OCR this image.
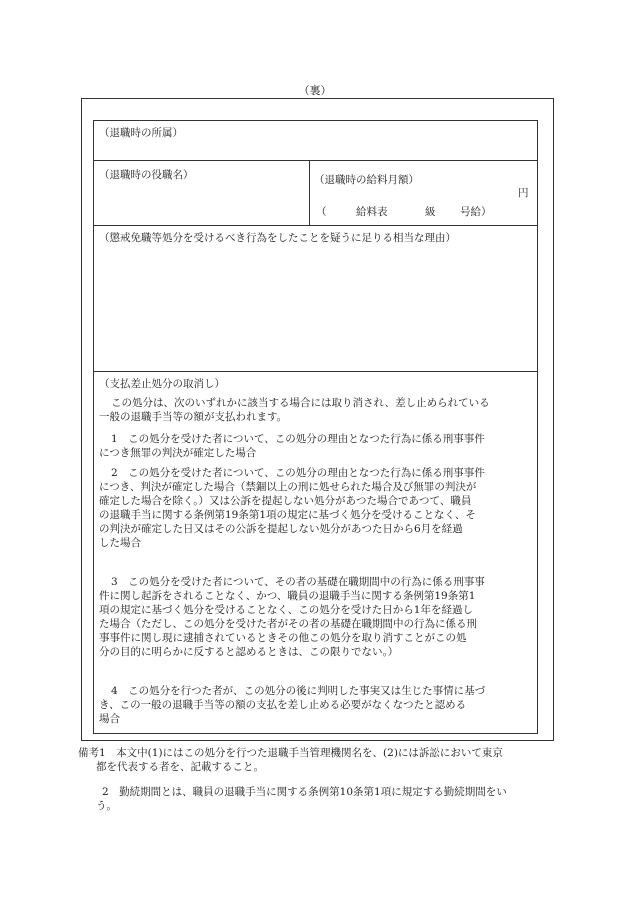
（裏）
（退職時の所属）
（退職時の役職名）	（退職時の給料月額）
円
（	給料表	級 号給）
（懲戒免職等処分を受けるべき行為をしたことを疑うに足りる相当な理由）
（支払差止処分の取消し）
この処分は、次のいずれかに該当する場合には取り消され、差し止められている
一般の退職手当等の額が支払われます。
1　この処分を受けた者について、この処分の理由となつた行為に係る刑事事件
につき無罪の判決が確定した場合
2　この処分を受けた者について、この処分の理由となつた行為に係る刑事事件
につき、判決が確定した場合（禁錮以上の刑に処せられた場合及び無罪の判決が
確定した場合を除く。）又は公訴を提起しない処分があつた場合であつて、職員
の退職手当に関する条例第19条第1項の規定に基づく処分を受けることなく、そ
の判決が確定した日又はその公訴を提起しない処分があつた日から6月を経過
した場合
3　この処分を受けた者について、その者の基礎在職期間中の行為に係る刑事事
件に関し起訴をされることなく、かつ、職員の退職手当に関する条例第19条第1
項の規定に基づく処分を受けることなく、この処分を受けた日から1年を経過し
た場合（ただし、この処分を受けた者がその者の基礎在職期間中の行為に係る刑
事事件に関し現に逮捕されているときその他この処分を取り消すことがこの処
分の目的に明らかに反すると認めるときは、この限りでない。）
4　この処分を行つた者が、この処分の後に判明した事実又は生じた事情に基づ
き、この一般の退職手当等の額の支払を差し止める必要がなくなつたと認める
場合
備考1　本文中(1)にはこの処分を行つた退職手当管理機関名を、(2)には訴訟において東京
都を代表する者を、記載すること。
2　勤続期間とは、職員の退職手当に関する条例第10条第1項に規定する勤続期間をい
う。
